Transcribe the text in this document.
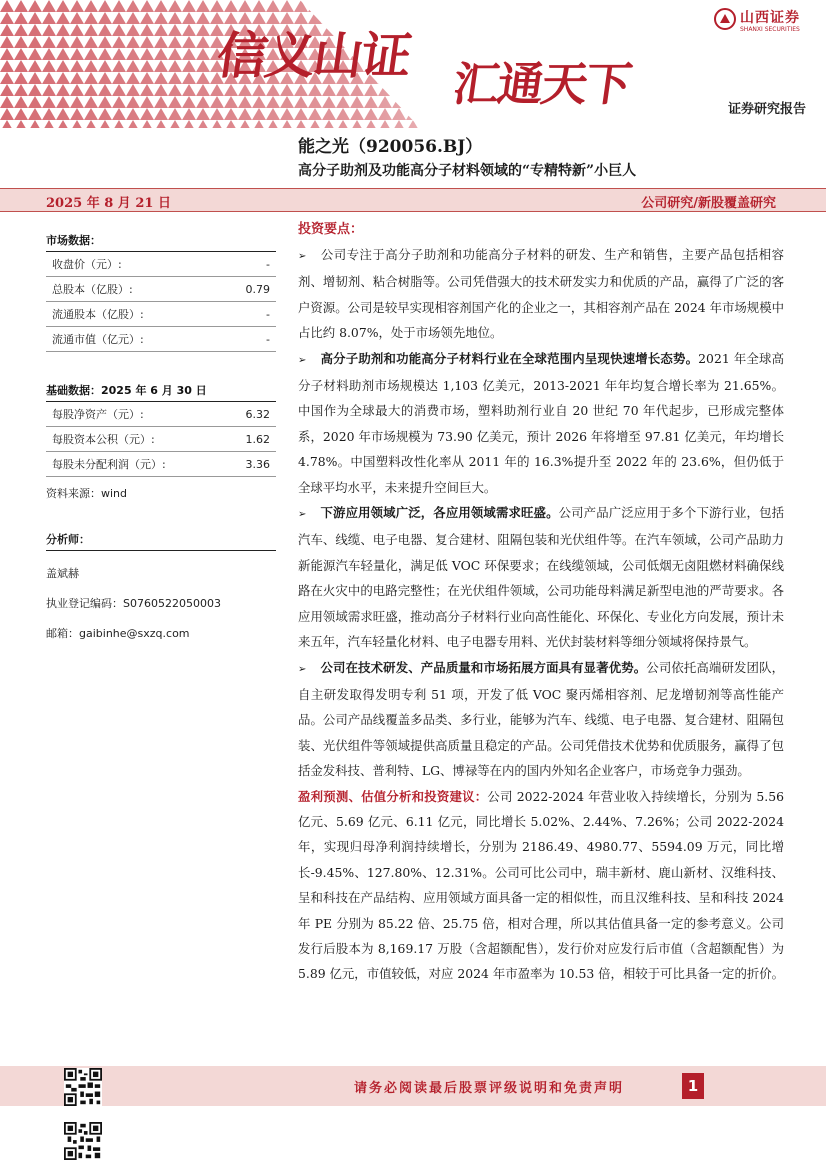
信义山证 汇通天下
山西证券
SHANXI SECURITIES
证券研究报告
能之光（920056.BJ）
高分子助剂及功能高分子材料领域的“专精特新”小巨人
2025 年 8 月 21 日	公司研究/新股覆盖研究
市场数据：
收盘价（元）:	-
总股本（亿股）:	0.79
流通股本（亿股）:	-
流通市值（亿元）:	-
基础数据：2025 年 6 月 30 日
每股净资产（元）:	6.32
每股资本公积（元）:	1.62
每股未分配利润（元）:	3.36
资料来源：wind
分析师：
盖斌赫
执业登记编码：S0760522050003
邮箱：gaibinhe@sxzq.com
投资要点：

➢ 公司专注于高分子助剂和功能高分子材料的研发、生产和销售，主要产品包括相容剂、增韧剂、粘合树脂等。公司凭借强大的技术研发实力和优质的产品，赢得了广泛的客户资源。公司是较早实现相容剂国产化的企业之一，其相容剂产品在 2024 年市场规模中占比约 8.07%，处于市场领先地位。

➢ 高分子助剂和功能高分子材料行业在全球范围内呈现快速增长态势。2021 年全球高分子材料助剂市场规模达 1,103 亿美元，2013-2021 年年均复合增长率为 21.65%。中国作为全球最大的消费市场，塑料助剂行业自 20 世纪 70 年代起步，已形成完整体系，2020 年市场规模为 73.90 亿美元，预计 2026 年将增至 97.81 亿美元，年均增长 4.78%。中国塑料改性化率从 2011 年的 16.3%提升至 2022 年的 23.6%，但仍低于全球平均水平，未来提升空间巨大。

➢ 下游应用领域广泛，各应用领域需求旺盛。公司产品广泛应用于多个下游行业，包括汽车、线缆、电子电器、复合建材、阻隔包装和光伏组件等。在汽车领域，公司产品助力新能源汽车轻量化，满足低 VOC 环保要求；在线缆领域，公司低烟无卤阻燃材料确保线路在火灾中的电路完整性；在光伏组件领域，公司功能母料满足新型电池的严苛要求。各应用领域需求旺盛，推动高分子材料行业向高性能化、环保化、专业化方向发展，预计未来五年，汽车轻量化材料、电子电器专用料、光伏封装材料等细分领域将保持景气。

➢ 公司在技术研发、产品质量和市场拓展方面具有显著优势。公司依托高端研发团队，自主研发取得发明专利 51 项，开发了低 VOC 聚丙烯相容剂、尼龙增韧剂等高性能产品。公司产品线覆盖多品类、多行业，能够为汽车、线缆、电子电器、复合建材、阻隔包装、光伏组件等领域提供高质量且稳定的产品。公司凭借技术优势和优质服务，赢得了包括金发科技、普利特、LG、博禄等在内的国内外知名企业客户，市场竞争力强劲。

盈利预测、估值分析和投资建议：公司 2022-2024 年营业收入持续增长，分别为 5.56 亿元、5.69 亿元、6.11 亿元，同比增长 5.02%、2.44%、7.26%；公司 2022-2024 年，实现归母净利润持续增长，分别为 2186.49、4980.77、5594.09 万元，同比增长-9.45%、127.80%、12.31%。公司可比公司中，瑞丰新材、鹿山新材、汉维科技、呈和科技在产品结构、应用领域方面具备一定的相似性，而且汉维科技、呈和科技 2024 年 PE 分别为 85.22 倍、25.75 倍，相对合理，所以其估值具备一定的参考意义。公司发行后股本为 8,169.17 万股（含超额配售），发行价对应发行后市值（含超额配售）为 5.89 亿元，市值较低，对应 2024 年市盈率为 10.53 倍，相较于可比具备一定的折价。

请务必阅读最后股票评级说明和免责声明	1
